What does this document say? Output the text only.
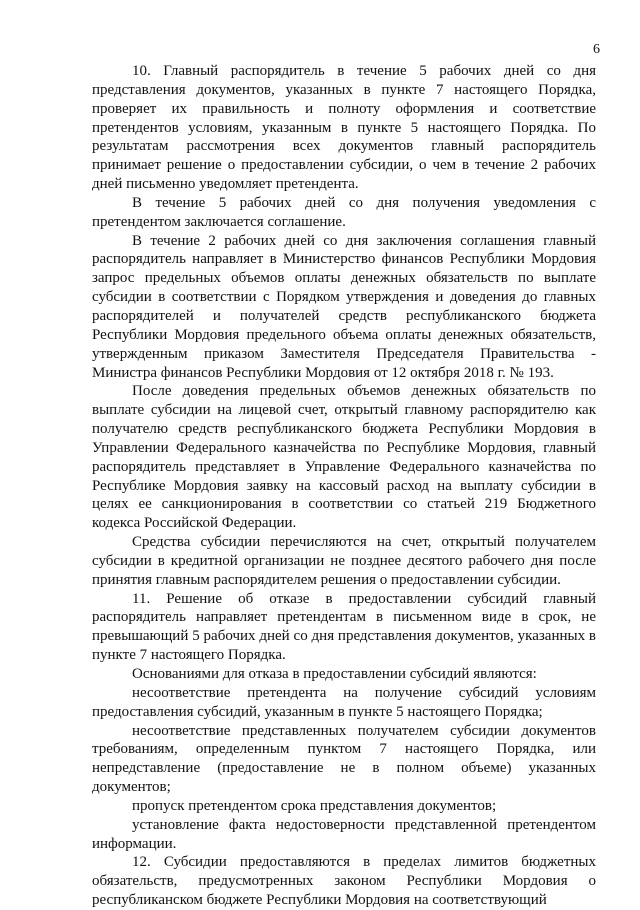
6

10. Главный распорядитель в течение 5 рабочих дней со дня представления документов, указанных в пункте 7 настоящего Порядка, проверяет их правильность и полноту оформления и соответствие претендентов условиям, указанным в пункте 5 настоящего Порядка. По результатам рассмотрения всех документов главный распорядитель принимает решение о предоставлении субсидии, о чем в течение 2 рабочих дней письменно уведомляет претендента.

В течение 5 рабочих дней со дня получения уведомления с претендентом заключается соглашение.

В течение 2 рабочих дней со дня заключения соглашения главный распорядитель направляет в Министерство финансов Республики Мордовия запрос предельных объемов оплаты денежных обязательств по выплате субсидии в соответствии с Порядком утверждения и доведения до главных распорядителей и получателей средств республиканского бюджета Республики Мордовия предельного объема оплаты денежных обязательств, утвержденным приказом Заместителя Председателя Правительства - Министра финансов Республики Мордовия от 12 октября 2018 г. № 193.

После доведения предельных объемов денежных обязательств по выплате субсидии на лицевой счет, открытый главному распорядителю как получателю средств республиканского бюджета Республики Мордовия в Управлении Федерального казначейства по Республике Мордовия, главный распорядитель представляет в Управление Федерального казначейства по Республике Мордовия заявку на кассовый расход на выплату субсидии в целях ее санкционирования в соответствии со статьей 219 Бюджетного кодекса Российской Федерации.

Средства субсидии перечисляются на счет, открытый получателем субсидии в кредитной организации не позднее десятого рабочего дня после принятия главным распорядителем решения о предоставлении субсидии.

11. Решение об отказе в предоставлении субсидий главный распорядитель направляет претендентам в письменном виде в срок, не превышающий 5 рабочих дней со дня представления документов, указанных в пункте 7 настоящего Порядка.

Основаниями для отказа в предоставлении субсидий являются:

несоответствие претендента на получение субсидий условиям предоставления субсидий, указанным в пункте 5 настоящего Порядка;

несоответствие представленных получателем субсидии документов требованиям, определенным пунктом 7 настоящего Порядка, или непредставление (предоставление не в полном объеме) указанных документов;

пропуск претендентом срока представления документов;

установление факта недостоверности представленной претендентом информации.

12. Субсидии предоставляются в пределах лимитов бюджетных обязательств, предусмотренных законом Республики Мордовия о республиканском бюджете Республики Мордовия на соответствующий
